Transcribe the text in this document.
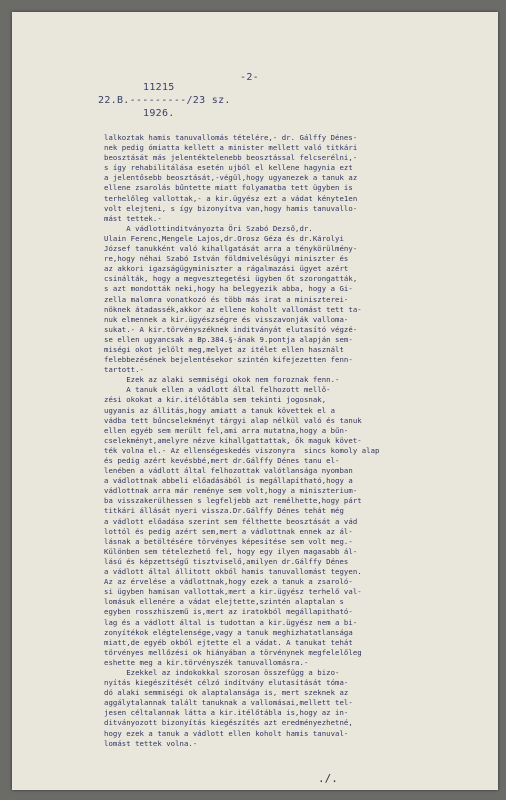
-2-
11215
22.B.---------/23 sz.
1926.
lalkoztak hamis tanuvallomás tételére,- dr. Gálffy Dénes-
nek pedig ómiatta kellett a minister mellett való titkári
beosztását más jelentéktelenebb beosztással felcserélni,-
s így rehabilitálása esetén ujból el kellene hagynia ezt
a jelentősebb beosztását,-végül,hogy ugyanezek a tanuk az
ellene zsarolás bűntette miatt folyamatba tett ügyben is
terhelőleg vallottak,- a kir.ügyész ezt a vádat kényte1en
volt elejteni, s így bizonyítva van,hogy hamis tanuvallo-
mást tettek.-
A vádlottinditványozta Öri Szabó Dezső,dr.
Ulain Ferenc,Mengele Lajos,dr.Orosz Géza és dr.Károlyi
József tanukként való kihallgatását arra a ténykörülmény-
re,hogy néhai Szabó István földmivelésügyi miniszter és
az akkori igazságügyminiszter a rágalmazási ügyet azért
csinálták, hogy a megvesztegetési ügyben őt szorongatták,
s azt mondották neki,hogy ha belegyezik abba, hogy a Gi-
zella malomra vonatkozó és több más irat a miniszterei-
nöknek átadassék,akkor az ellene koholt vallomást tett ta-
nuk elmennek a kir.ügyészségre és visszavonják valloma-
sukat.- A kir.törvényszéknek inditványát elutasító végzé-
se ellen ugyancsak a Bp.384.§-ának 9.pontja alapján sem-
miségi okot jelölt meg,melyet az itélet ellen használt
felebbezésének bejelentésekor szintén kifejezetten fenn-
tartott.-
Ezek az alaki semmiségi okok nem foroznak fenn.-
A tanuk ellen a vádlott által felhozott mellő-
zési okokat a kir.itélőtábla sem tekinti jogosnak,
ugyanis az állitás,hogy amiatt a tanuk követtek el a
vádba tett bűncselekményt tárgyi alap nélkül való és tanuk
ellen egyéb sem merült fel,ami arra mutatna,hogy a bűn-
cselekményt,amelyre nézve kihallgattattak, ők maguk követ-
ték volna el.- Az ellenségeskedés viszonyra  sincs komoly alap
és pedig azért kevésbbé,mert dr.Gálffy Dénes tanu el-
lenében a vádlott által felhozottak valótlansága nyomban
a vádlottnak abbeli előadásából is megállapítható,hogy a
vádlottnak arra már reménye sem volt,hogy a miniszterium-
ba visszakerülhessen s legfeljebb azt remélhette,hogy párt
titkári állását nyeri vissza.Dr.Gálffy Dénes tehát még
a vádlott előadása szerint sem félthette beosztását a vád
lottól és pedig azért sem,mert a vádlottnak ennek az ál-
lásnak a betöltésére törvényes képesítése sem volt meg.-
Különben sem tételezhető fel, hogy egy ilyen magasabb ál-
lású és képzettségű tisztviselő,amilyen dr.Gálffy Dénes
a vádlott által állitott okból hamis tanuvallomást tegyen.
Az az érvelése a vádlottnak,hogy ezek a tanuk a zsaroló-
si ügyben hamisan vallottak,mert a kir.ügyész terhelő val-
lomásuk ellenére a vádat elejtette,szintén alaptalan s
egyben rosszhiszemű is,mert az iratokból megállapitható-
lag és a vádlott által is tudottan a kir.ügyész nem a bi-
zonyítékok elégtelensége,vagy a tanuk meghizhatatlansága
miatt,de egyéb okból ejtette el a vádat. A tanukat tehát
törvényes mellőzési ok hiányában a törvénynek megfelelőleg
eshette meg a kir.törvényszék tanuvallomásra.-
Ezekkel az indokokkal szorosan összefügg a bizo-
nyítás kiegészítését célzó indítvány elutasítását tóma-
dó alaki semmiségi ok alaptalansága is, mert szeknek az
aggálytalannak talált tanuknak a vallomásai,mellett tel-
jesen céltalannak látta a kir.itélőtábla is,hogy az in-
ditványozott bizonyítás kiegészítés azt eredményezhetné,
hogy ezek a tanuk a vádlott ellen koholt hamis tanuval-
lomást tettek volna.-
./.
